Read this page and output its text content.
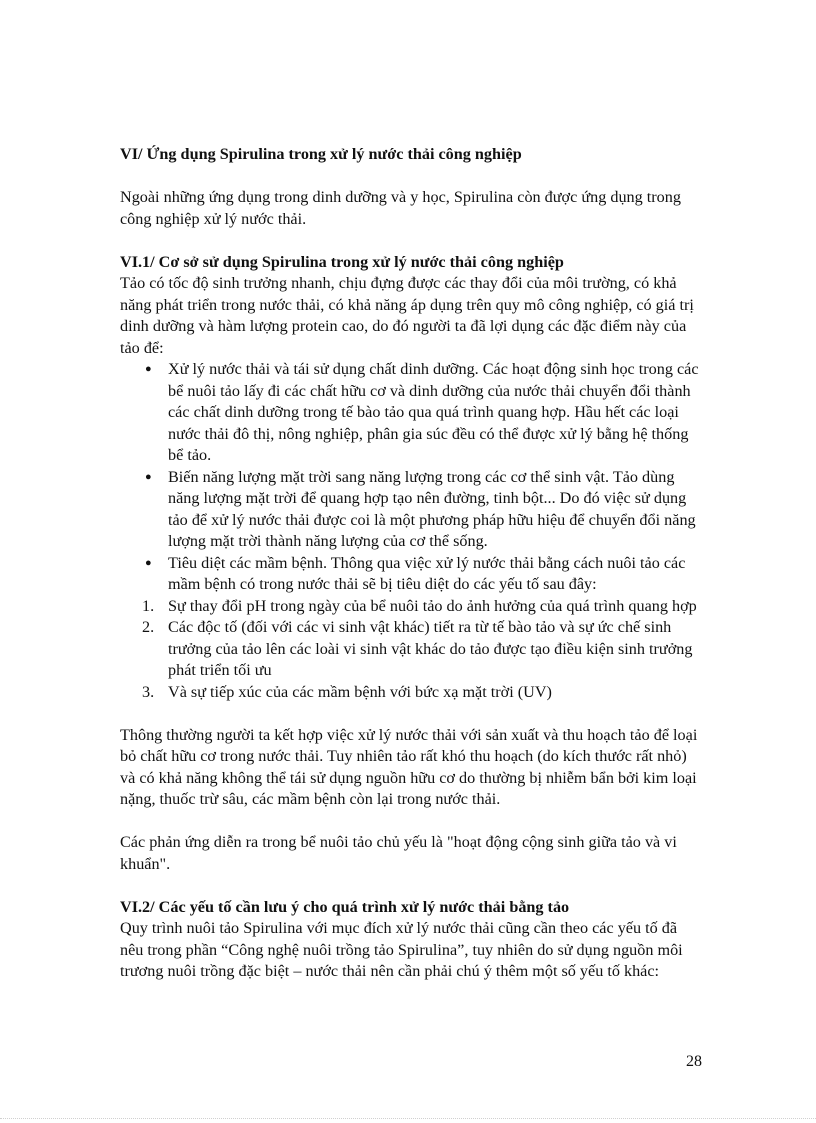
VI/ Ứng dụng Spirulina trong xử lý nước thải công nghiệp

Ngoài những ứng dụng trong dinh dưỡng và y học, Spirulina còn được ứng dụng trong công nghiệp xử lý nước thải.

VI.1/ Cơ sở sử dụng Spirulina trong xử lý nước thải công nghiệp

Tảo có tốc độ sinh trưởng nhanh, chịu đựng được các thay đổi của môi trường, có khả năng phát triển trong nước thải, có khả năng áp dụng trên quy mô công nghiệp, có giá trị dinh dưỡng và hàm lượng protein cao, do đó người ta đã lợi dụng các đặc điểm này của tảo để:

● Xử lý nước thải và tái sử dụng chất dinh dưỡng. Các hoạt động sinh học trong các bể nuôi tảo lấy đi các chất hữu cơ và dinh dưỡng của nước thải chuyển đổi thành các chất dinh dưỡng trong tế bào tảo qua quá trình quang hợp. Hầu hết các loại nước thải đô thị, nông nghiệp, phân gia súc đều có thể được xử lý bằng hệ thống bể tảo.
● Biến năng lượng mặt trời sang năng lượng trong các cơ thể sinh vật. Tảo dùng năng lượng mặt trời để quang hợp tạo nên đường, tinh bột... Do đó việc sử dụng tảo để xử lý nước thải được coi là một phương pháp hữu hiệu để chuyển đổi năng lượng mặt trời thành năng lượng của cơ thể sống.
● Tiêu diệt các mầm bệnh. Thông qua việc xử lý nước thải bằng cách nuôi tảo các mầm bệnh có trong nước thải sẽ bị tiêu diệt do các yếu tố sau đây:
1. Sự thay đổi pH trong ngày của bể nuôi tảo do ảnh hưởng của quá trình quang hợp
2. Các độc tố (đối với các vi sinh vật khác) tiết ra từ tế bào tảo và sự ức chế sinh trưởng của tảo lên các loài vi sinh vật khác do tảo được tạo điều kiện sinh trưởng phát triển tối ưu
3. Và sự tiếp xúc của các mầm bệnh với bức xạ mặt trời (UV)

Thông thường người ta kết hợp việc xử lý nước thải với sản xuất và thu hoạch tảo để loại bỏ chất hữu cơ trong nước thải. Tuy nhiên tảo rất khó thu hoạch (do kích thước rất nhỏ) và có khả năng không thể tái sử dụng nguồn hữu cơ do thường bị nhiễm bẩn bởi kim loại nặng, thuốc trừ sâu, các mầm bệnh còn lại trong nước thải.

Các phản ứng diễn ra trong bể nuôi tảo chủ yếu là "hoạt động cộng sinh giữa tảo và vi khuẩn".

VI.2/ Các yếu tố cần lưu ý cho quá trình xử lý nước thải bằng tảo

Quy trình nuôi tảo Spirulina với mục đích xử lý nước thải cũng cần theo các yếu tố đã nêu trong phần “Công nghệ nuôi trồng tảo Spirulina”, tuy nhiên do sử dụng nguồn môi trương nuôi trồng đặc biệt – nước thải nên cần phải chú ý thêm một số yếu tố khác:

28
